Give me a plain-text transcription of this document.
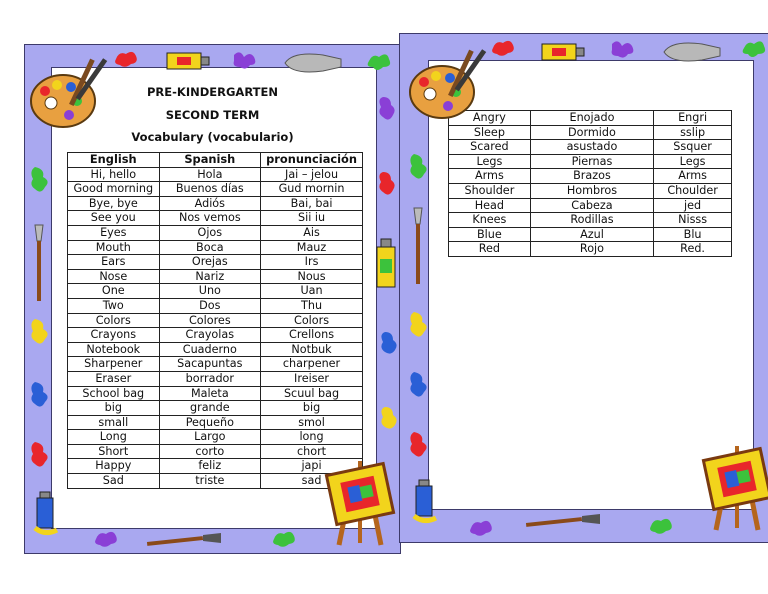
PRE-KINDERGARTEN
SECOND TERM
Vocabulary (vocabulario)
English	Spanish	pronunciación
Hi, hello	Hola	Jai – jelou
Good morning	Buenos días	Gud mornin
Bye, bye	Adiós	Bai, bai
See you	Nos vemos	Sii iu
Eyes	Ojos	Ais
Mouth	Boca	Mauz
Ears	Orejas	Irs
Nose	Nariz	Nous
One	Uno	Uan
Two	Dos	Thu
Colors	Colores	Colors
Crayons	Crayolas	Crellons
Notebook	Cuaderno	Notbuk
Sharpener	Sacapuntas	charpener
Eraser	borrador	Ireiser
School bag	Maleta	Scuul bag
big	grande	big
small	Pequeño	smol
Long	Largo	long
Short	corto	chort
Happy	feliz	japi
Sad	triste	sad
Angry	Enojado	Engri
Sleep	Dormido	sslip
Scared	asustado	Ssquer
Legs	Piernas	Legs
Arms	Brazos	Arms
Shoulder	Hombros	Choulder
Head	Cabeza	jed
Knees	Rodillas	Nisss
Blue	Azul	Blu
Red	Rojo	Red.
